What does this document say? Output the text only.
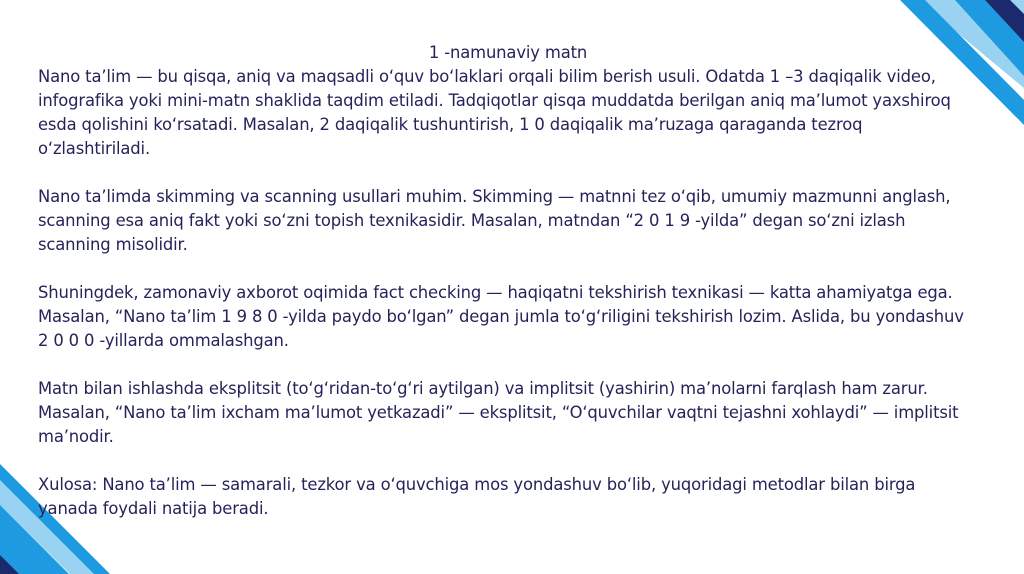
1 -namunaviy matn

Nano ta’lim — bu qisqa, aniq va maqsadli o‘quv bo‘laklari orqali bilim berish usuli. Odatda 1 –3 daqiqalik video, infografika yoki mini-matn shaklida taqdim etiladi. Tadqiqotlar qisqa muddatda berilgan aniq ma’lumot yaxshiroq esda qolishini ko‘rsatadi. Masalan, 2 daqiqalik tushuntirish, 1 0 daqiqalik ma’ruzaga qaraganda tezroq o‘zlashtiriladi.

Nano ta’limda skimming va scanning usullari muhim. Skimming — matnni tez o‘qib, umumiy mazmunni anglash, scanning esa aniq fakt yoki so‘zni topish texnikasidir. Masalan, matndan “2 0 1 9 -yilda” degan so‘zni izlash scanning misolidir.

Shuningdek, zamonaviy axborot oqimida fact checking — haqiqatni tekshirish texnikasi — katta ahamiyatga ega. Masalan, “Nano ta’lim 1 9 8 0 -yilda paydo bo‘lgan” degan jumla to‘g‘riligini tekshirish lozim. Aslida, bu yondashuv 2 0 0 0 -yillarda ommalashgan.

Matn bilan ishlashda eksplitsit (to‘g‘ridan-to‘g‘ri aytilgan) va implitsit (yashirin) ma’nolarni farqlash ham zarur. Masalan, “Nano ta’lim ixcham ma’lumot yetkazadi” — eksplitsit, “O‘quvchilar vaqtni tejashni xohlaydi” — implitsit ma’nodir.

Xulosa: Nano ta’lim — samarali, tezkor va o‘quvchiga mos yondashuv bo‘lib, yuqoridagi metodlar bilan birga yanada foydali natija beradi.
